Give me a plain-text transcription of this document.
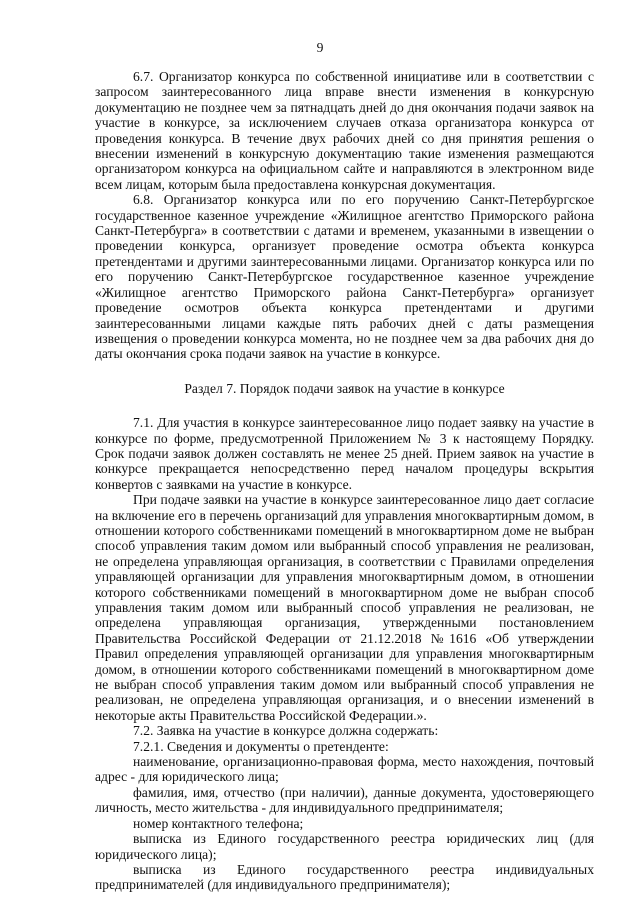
9

6.7. Организатор конкурса по собственной инициативе или в соответствии с запросом заинтересованного лица вправе внести изменения в конкурсную документацию не позднее чем за пятнадцать дней до дня окончания подачи заявок на участие в конкурсе, за исключением случаев отказа организатора конкурса от проведения конкурса. В течение двух рабочих дней со дня принятия решения о внесении изменений в конкурсную документацию такие изменения размещаются организатором конкурса на официальном сайте и направляются в электронном виде всем лицам, которым была предоставлена конкурсная документация.

6.8. Организатор конкурса или по его поручению Санкт-Петербургское государственное казенное учреждение «Жилищное агентство Приморского района Санкт-Петербурга» в соответствии с датами и временем, указанными в извещении о проведении конкурса, организует проведение осмотра объекта конкурса претендентами и другими заинтересованными лицами. Организатор конкурса или по его поручению Санкт-Петербургское государственное казенное учреждение «Жилищное агентство Приморского района Санкт-Петербурга» организует проведение осмотров объекта конкурса претендентами и другими заинтересованными лицами каждые пять рабочих дней с даты размещения извещения о проведении конкурса момента, но не позднее чем за два рабочих дня до даты окончания срока подачи заявок на участие в конкурсе.

Раздел 7. Порядок подачи заявок на участие в конкурсе

7.1. Для участия в конкурсе заинтересованное лицо подает заявку на участие в конкурсе по форме, предусмотренной Приложением № 3 к настоящему Порядку. Срок подачи заявок должен составлять не менее 25 дней. Прием заявок на участие в конкурсе прекращается непосредственно перед началом процедуры вскрытия конвертов с заявками на участие в конкурсе.

При подаче заявки на участие в конкурсе заинтересованное лицо дает согласие на включение его в перечень организаций для управления многоквартирным домом, в отношении которого собственниками помещений в многоквартирном доме не выбран способ управления таким домом или выбранный способ управления не реализован, не определена управляющая организация, в соответствии с Правилами определения управляющей организации для управления многоквартирным домом, в отношении которого собственниками помещений в многоквартирном доме не выбран способ управления таким домом или выбранный способ управления не реализован, не определена управляющая организация, утвержденными постановлением Правительства Российской Федерации от 21.12.2018 №1616 «Об утверждении Правил определения управляющей организации для управления многоквартирным домом, в отношении которого собственниками помещений в многоквартирном доме не выбран способ управления таким домом или выбранный способ управления не реализован, не определена управляющая организация, и о внесении изменений в некоторые акты Правительства Российской Федерации.».

7.2. Заявка на участие в конкурсе должна содержать:

7.2.1. Сведения и документы о претенденте:

наименование, организационно-правовая форма, место нахождения, почтовый адрес - для юридического лица;

фамилия, имя, отчество (при наличии), данные документа, удостоверяющего личность, место жительства - для индивидуального предпринимателя;

номер контактного телефона;

выписка из Единого государственного реестра юридических лиц (для юридического лица);

выписка из Единого государственного реестра индивидуальных предпринимателей (для индивидуального предпринимателя);
